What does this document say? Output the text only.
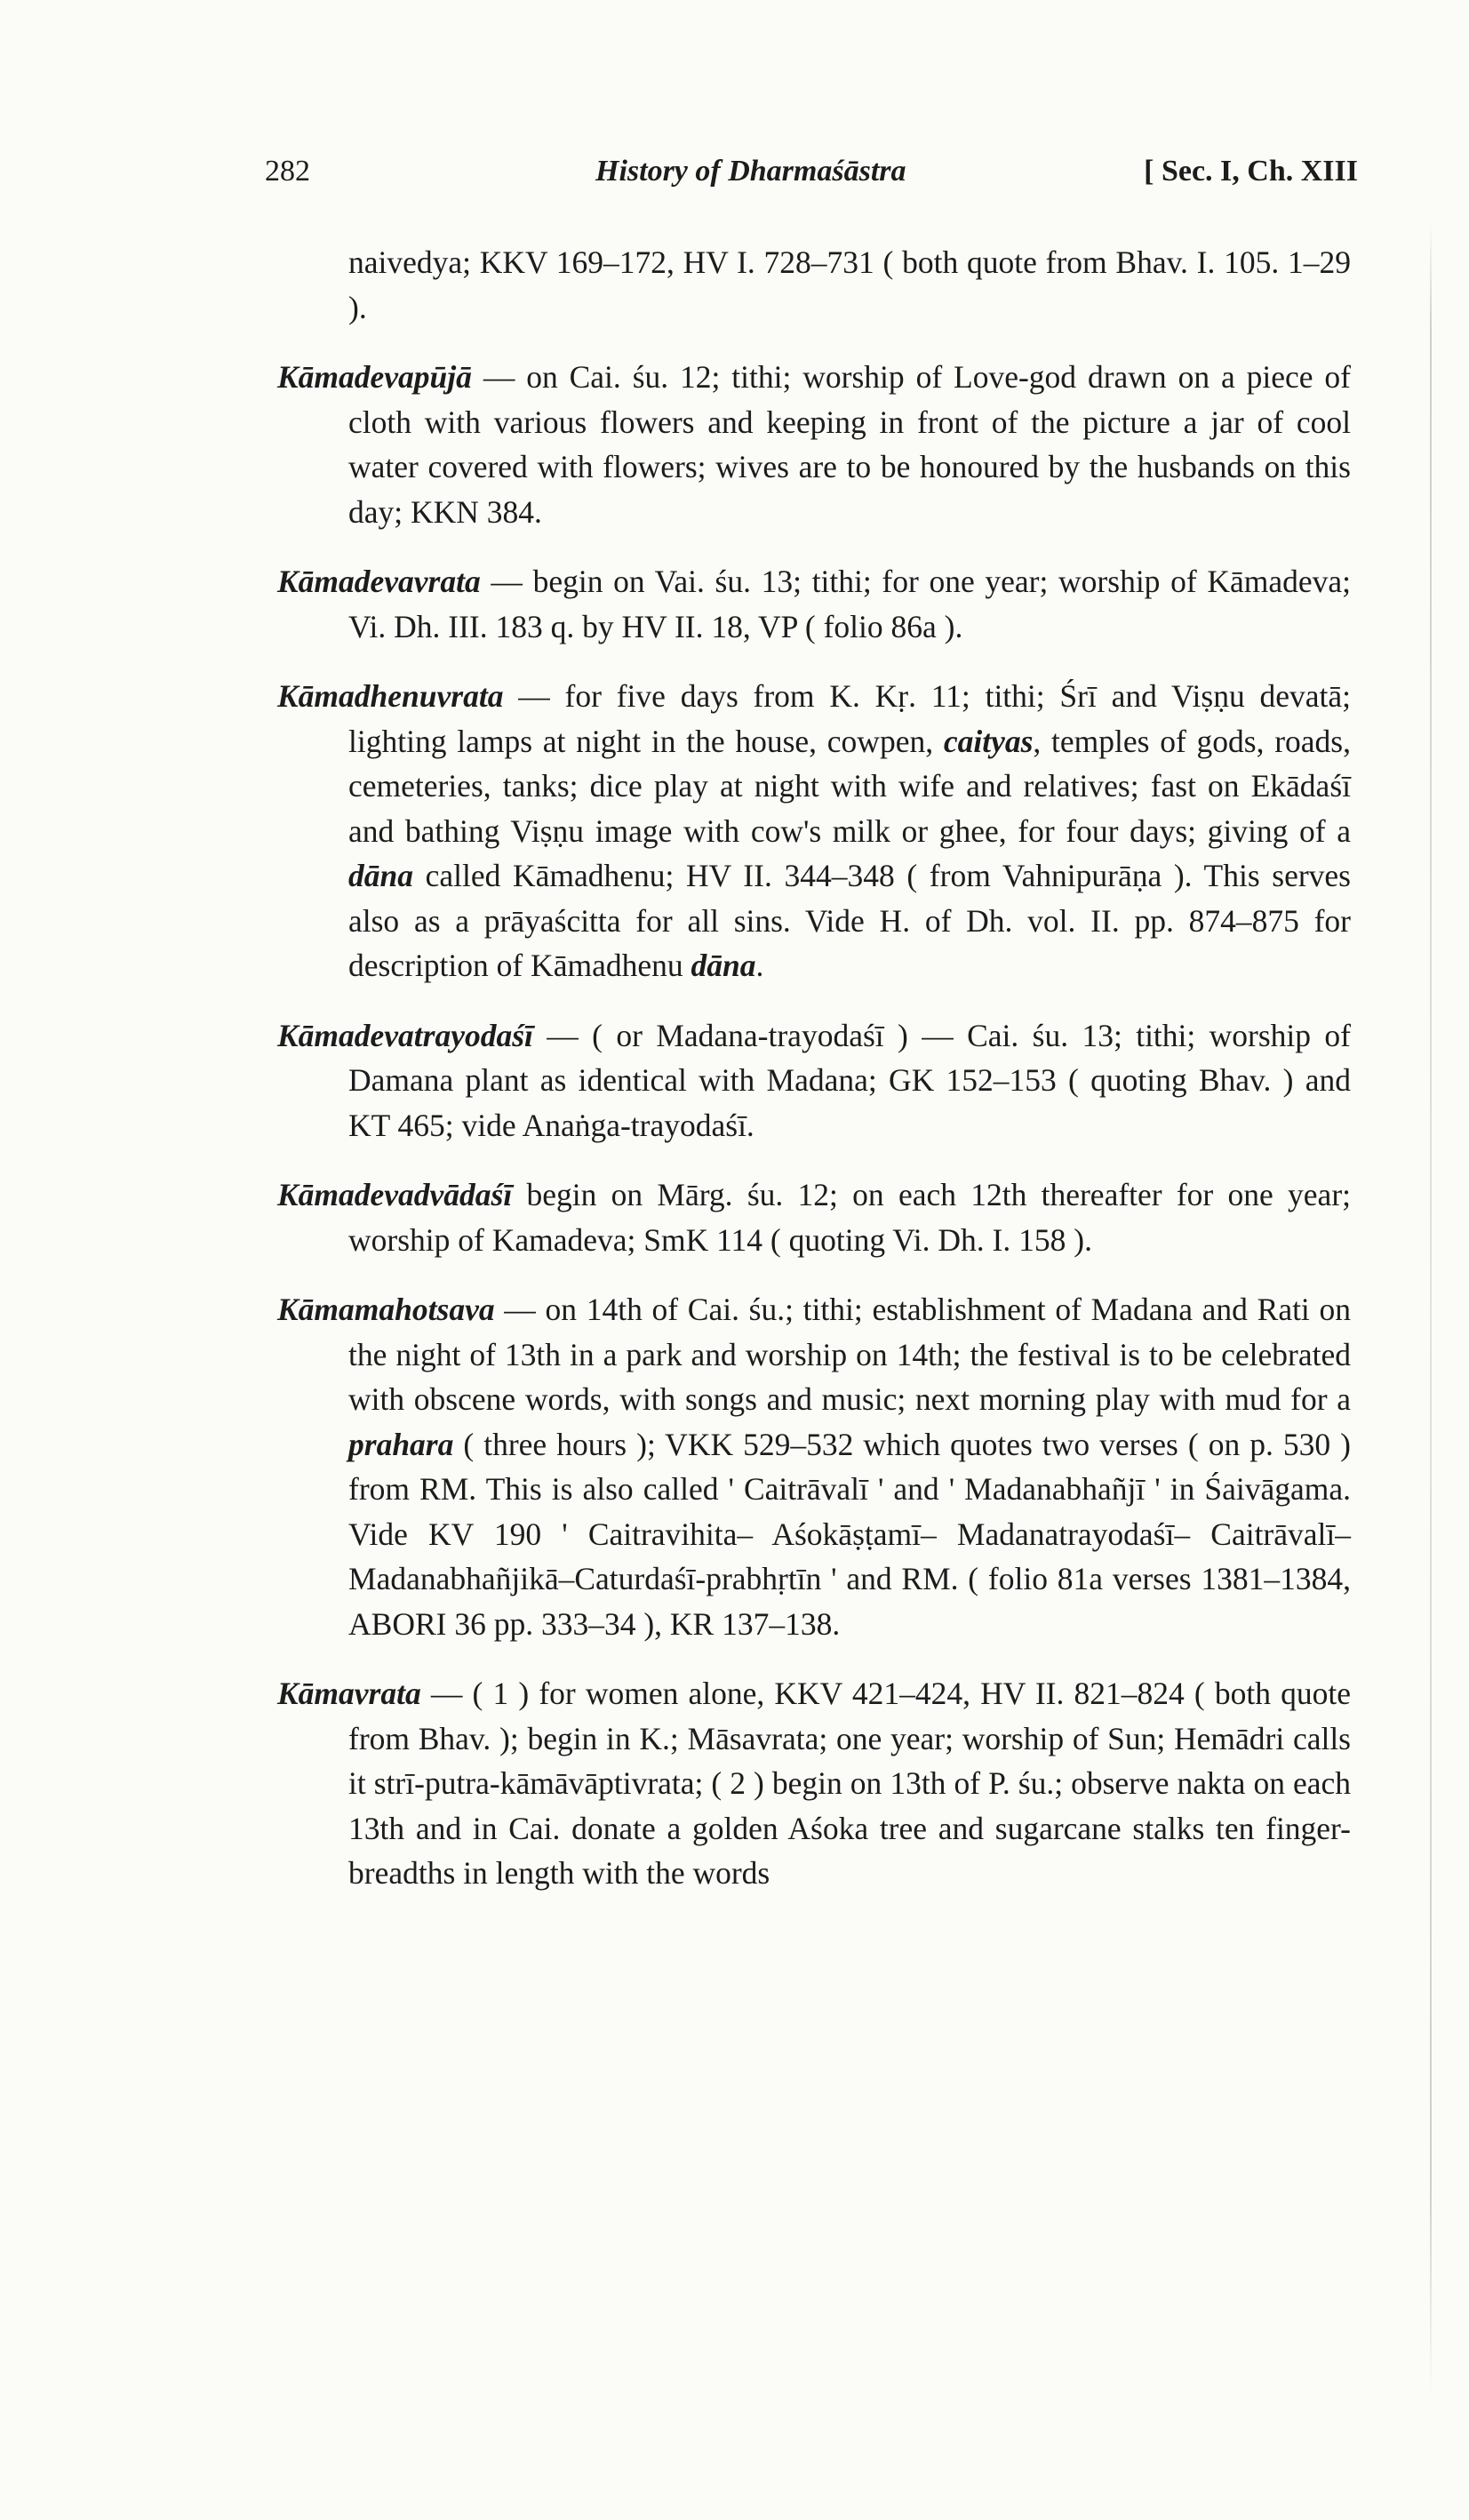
282	History of Dharmaśāstra	[ Sec. I, Ch. XIII

naivedya; KKV 169–172, HV I. 728–731 ( both quote from Bhav. I. 105. 1–29 ).

Kāmadevapūjā — on Cai. śu. 12; tithi; worship of Love-god drawn on a piece of cloth with various flowers and keeping in front of the picture a jar of cool water covered with flowers; wives are to be honoured by the husbands on this day; KKN 384.

Kāmadevavrata — begin on Vai. śu. 13; tithi; for one year; worship of Kāmadeva; Vi. Dh. III. 183 q. by HV II. 18, VP ( folio 86a ).

Kāmadhenuvrata — for five days from K. Kṛ. 11; tithi; Śrī and Viṣṇu devatā; lighting lamps at night in the house, cowpen, caityas, temples of gods, roads, cemeteries, tanks; dice play at night with wife and relatives; fast on Ekādaśī and bathing Viṣṇu image with cow's milk or ghee, for four days; giving of a dāna called Kāmadhenu; HV II. 344–348 ( from Vahnipurāṇa ). This serves also as a prāyaścitta for all sins. Vide H. of Dh. vol. II. pp. 874–875 for description of Kāmadhenu dāna.

Kāmadevatrayodaśī — ( or Madana-trayodaśī ) — Cai. śu. 13; tithi; worship of Damana plant as identical with Madana; GK 152–153 ( quoting Bhav. ) and KT 465; vide Anaṅga-trayodaśī.

Kāmadevadvādaśī begin on Mārg. śu. 12; on each 12th thereafter for one year; worship of Kamadeva; SmK 114 ( quoting Vi. Dh. I. 158 ).

Kāmamahotsava — on 14th of Cai. śu.; tithi; establishment of Madana and Rati on the night of 13th in a park and worship on 14th; the festival is to be celebrated with obscene words, with songs and music; next morning play with mud for a prahara ( three hours ); VKK 529–532 which quotes two verses ( on p. 530 ) from RM. This is also called ' Caitrāvalī ' and ' Madanabhañjī ' in Śaivāgama. Vide KV 190 ' Caitravihita– Aśokāṣṭamī– Madanatrayodaśī– Caitrāvalī–Madanabhañjikā–Caturdaśī-prabhṛtīn ' and RM. ( folio 81a verses 1381–1384, ABORI 36 pp. 333–34 ), KR 137–138.

Kāmavrata — ( 1 ) for women alone, KKV 421–424, HV II. 821–824 ( both quote from Bhav. ); begin in K.; Māsavrata; one year; worship of Sun; Hemādri calls it strī-putra-kāmāvāptivrata; ( 2 ) begin on 13th of P. śu.; observe nakta on each 13th and in Cai. donate a golden Aśoka tree and sugarcane stalks ten finger-breadths in length with the words
